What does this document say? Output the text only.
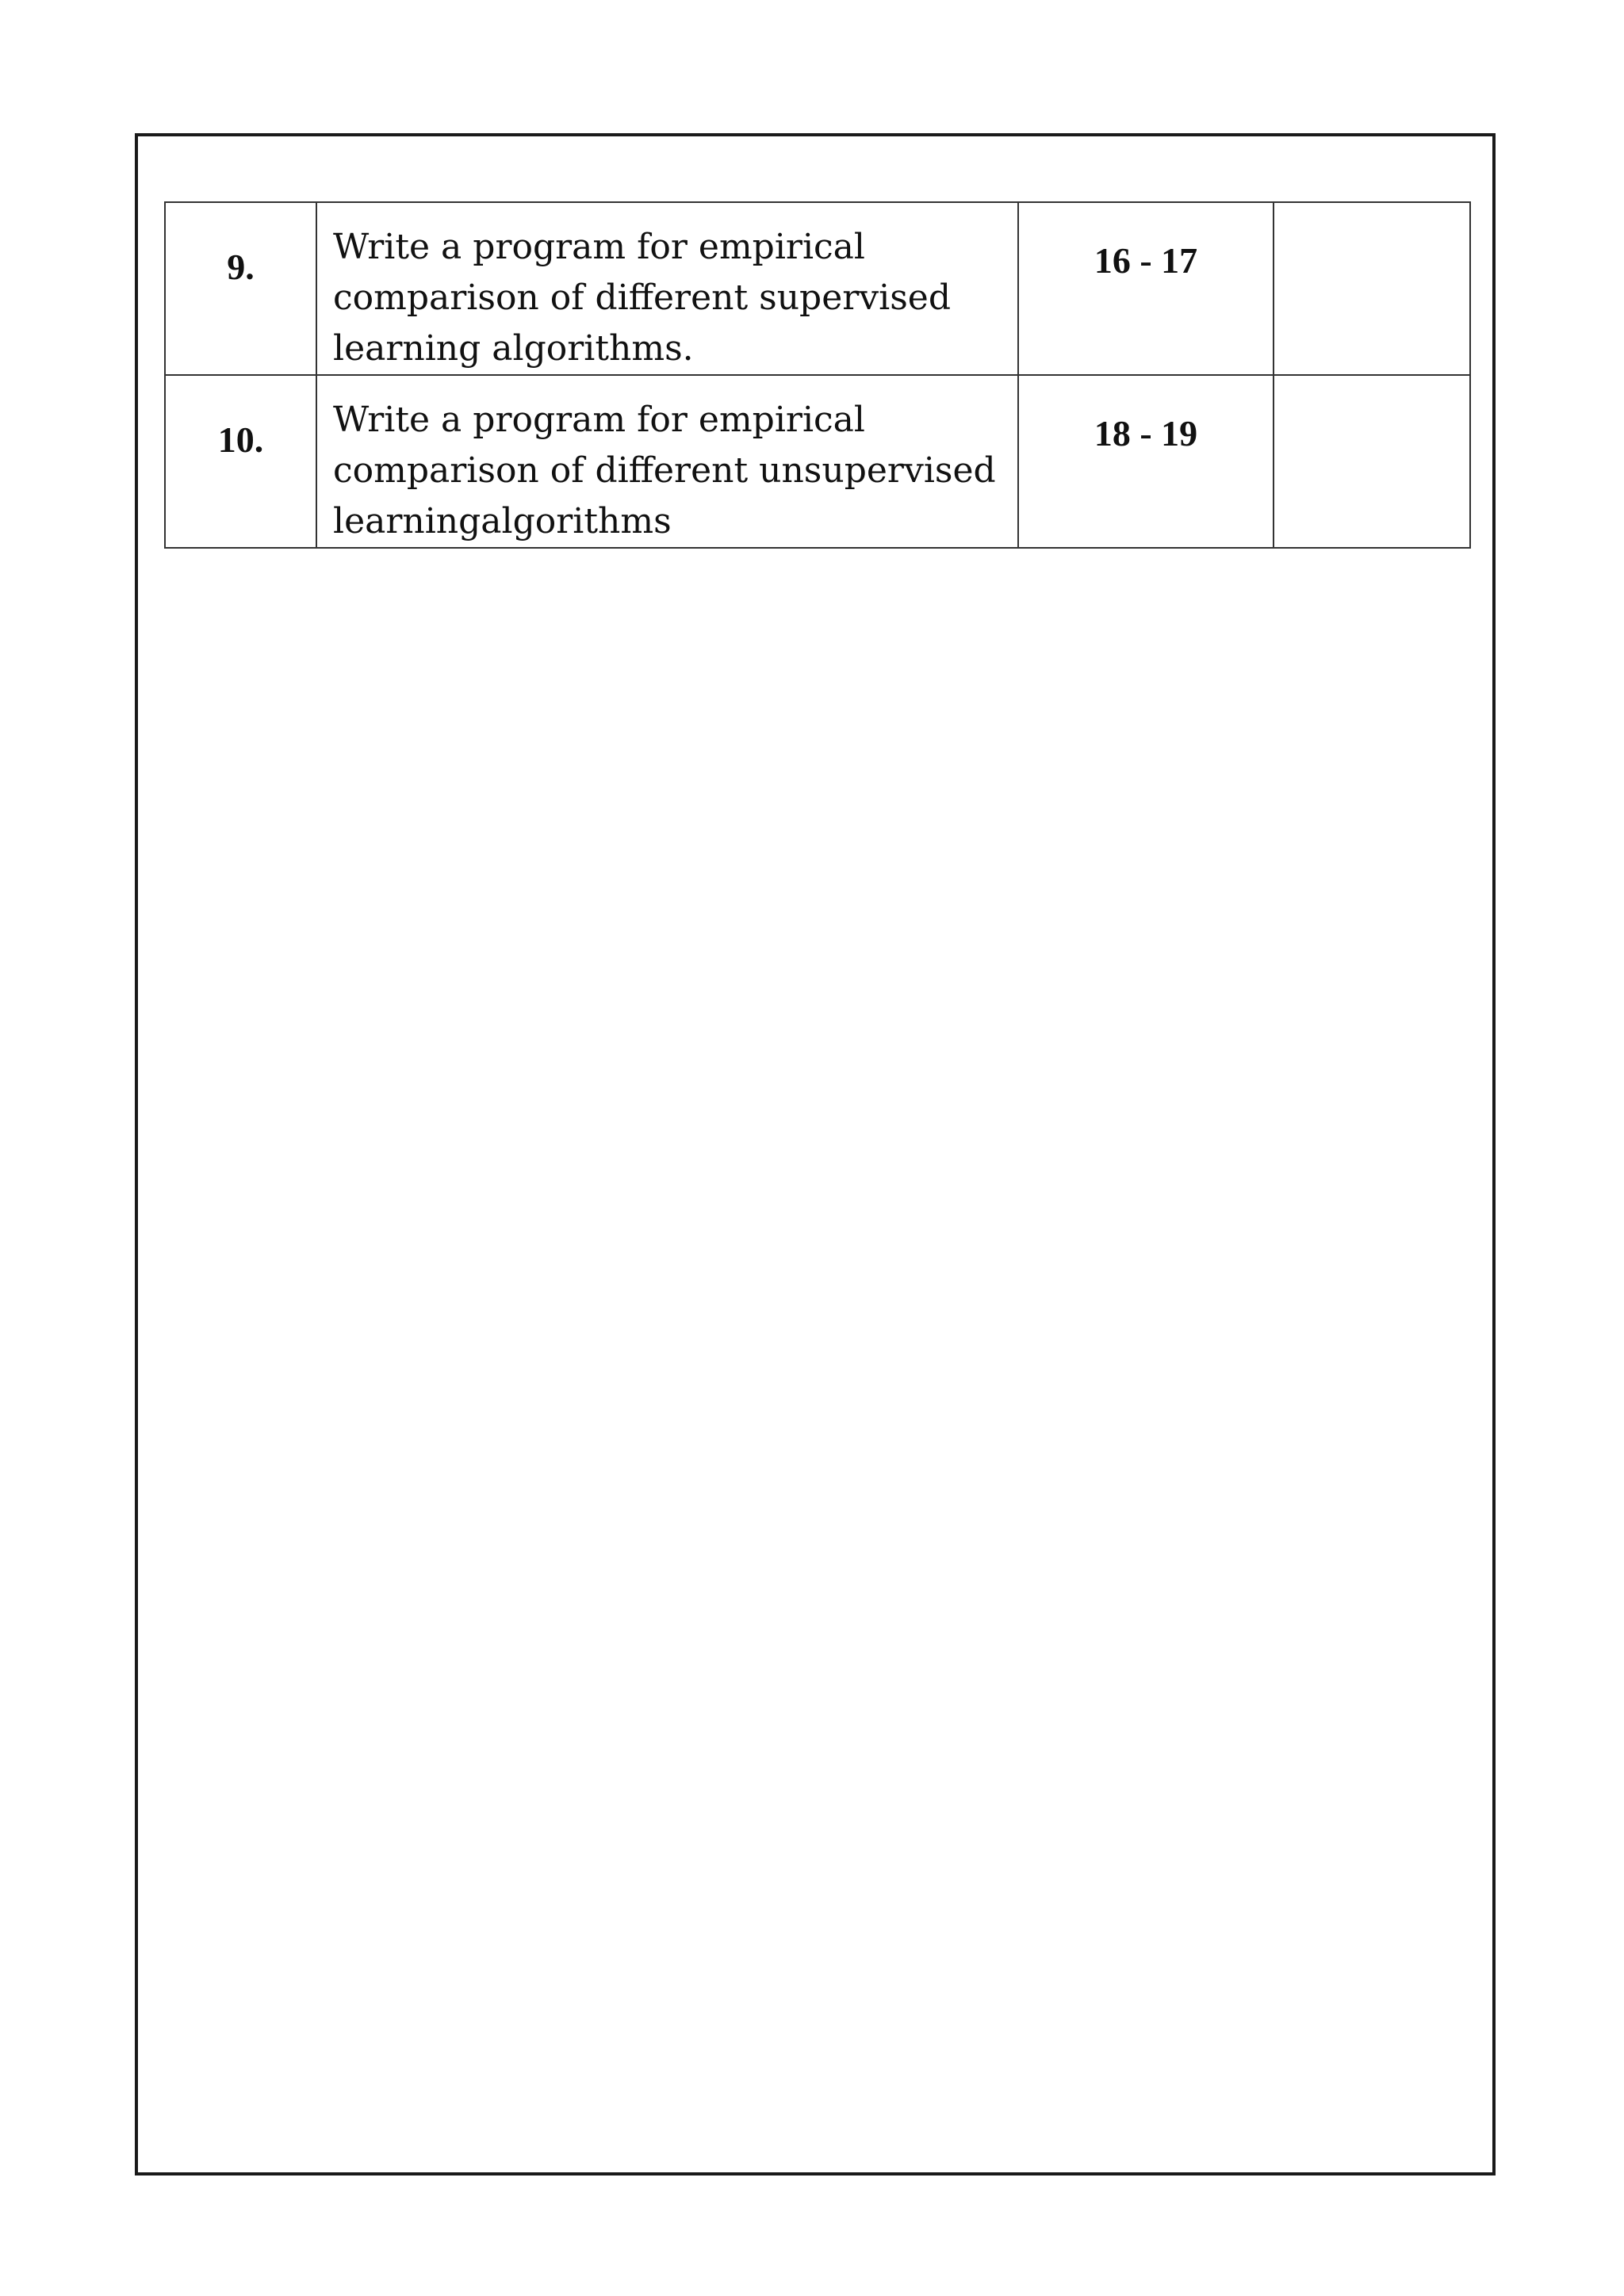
9.	Write a program for empirical
comparison of different supervised
learning algorithms.	16 - 17	
10.	Write a program for empirical
comparison of different unsupervised
learningalgorithms	18 - 19	
